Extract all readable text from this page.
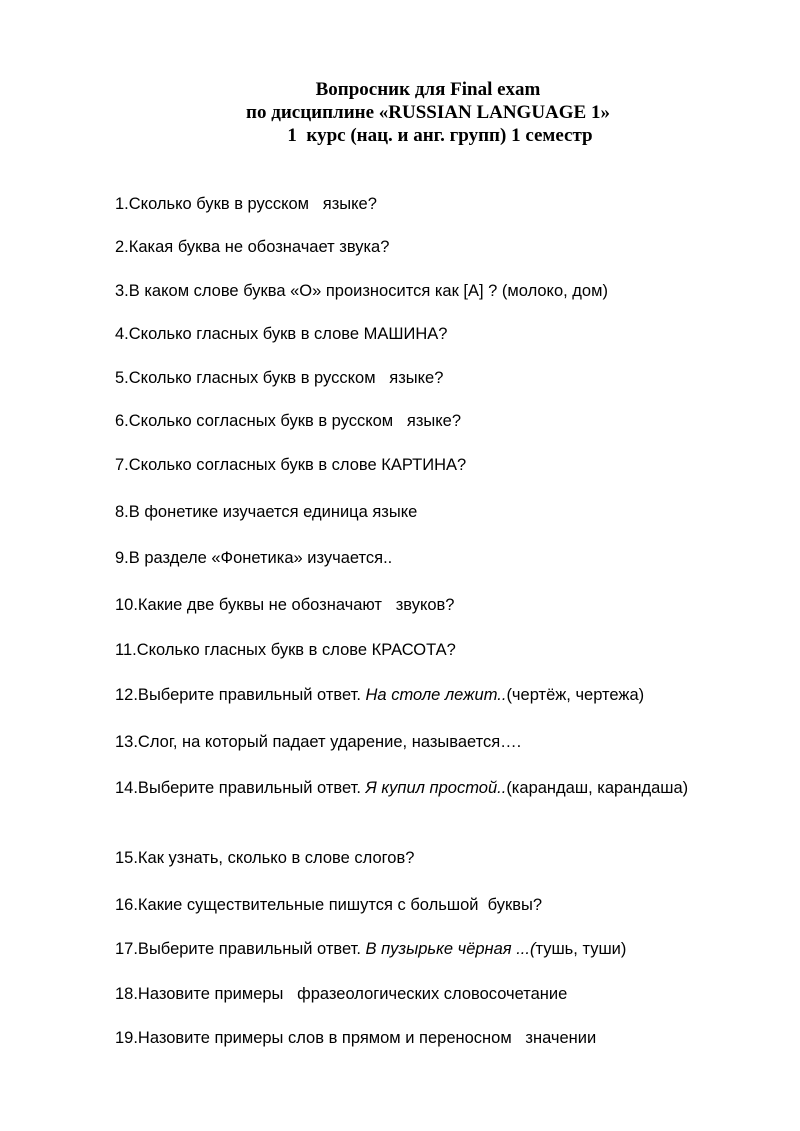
Вопросник для Final exam
по дисциплине «RUSSIAN LANGUAGE 1»
1  курс (нац. и анг. групп) 1 семестр
1.Сколько букв в русском   языке?
2.Какая буква не обозначает звука?
3.В каком слове буква «О» произносится как [А] ? (молоко, дом)
4.Сколько гласных букв в слове МАШИНА?
5.Сколько гласных букв в русском   языке?
6.Сколько согласных букв в русском   языке?
7.Сколько согласных букв в слове КАРТИНА?
8.В фонетике изучается единица языке
9.В разделе «Фонетика» изучается..
10.Какие две буквы не обозначают   звуков?
11.Сколько гласных букв в слове КРАСОТА?
12.Выберите правильный ответ. На столе лежит..(чертёж, чертежа)
13.Слог, на который падает ударение, называется….
14.Выберите правильный ответ. Я купил простой..(карандаш, карандаша)
15.Как узнать, сколько в слове слогов?
16.Какие существительные пишутся с большой  буквы?
17.Выберите правильный ответ. В пузырьке чёрная ...(тушь, туши)
18.Назовите примеры   фразеологических словосочетание
19.Назовите примеры слов в прямом и переносном   значении
